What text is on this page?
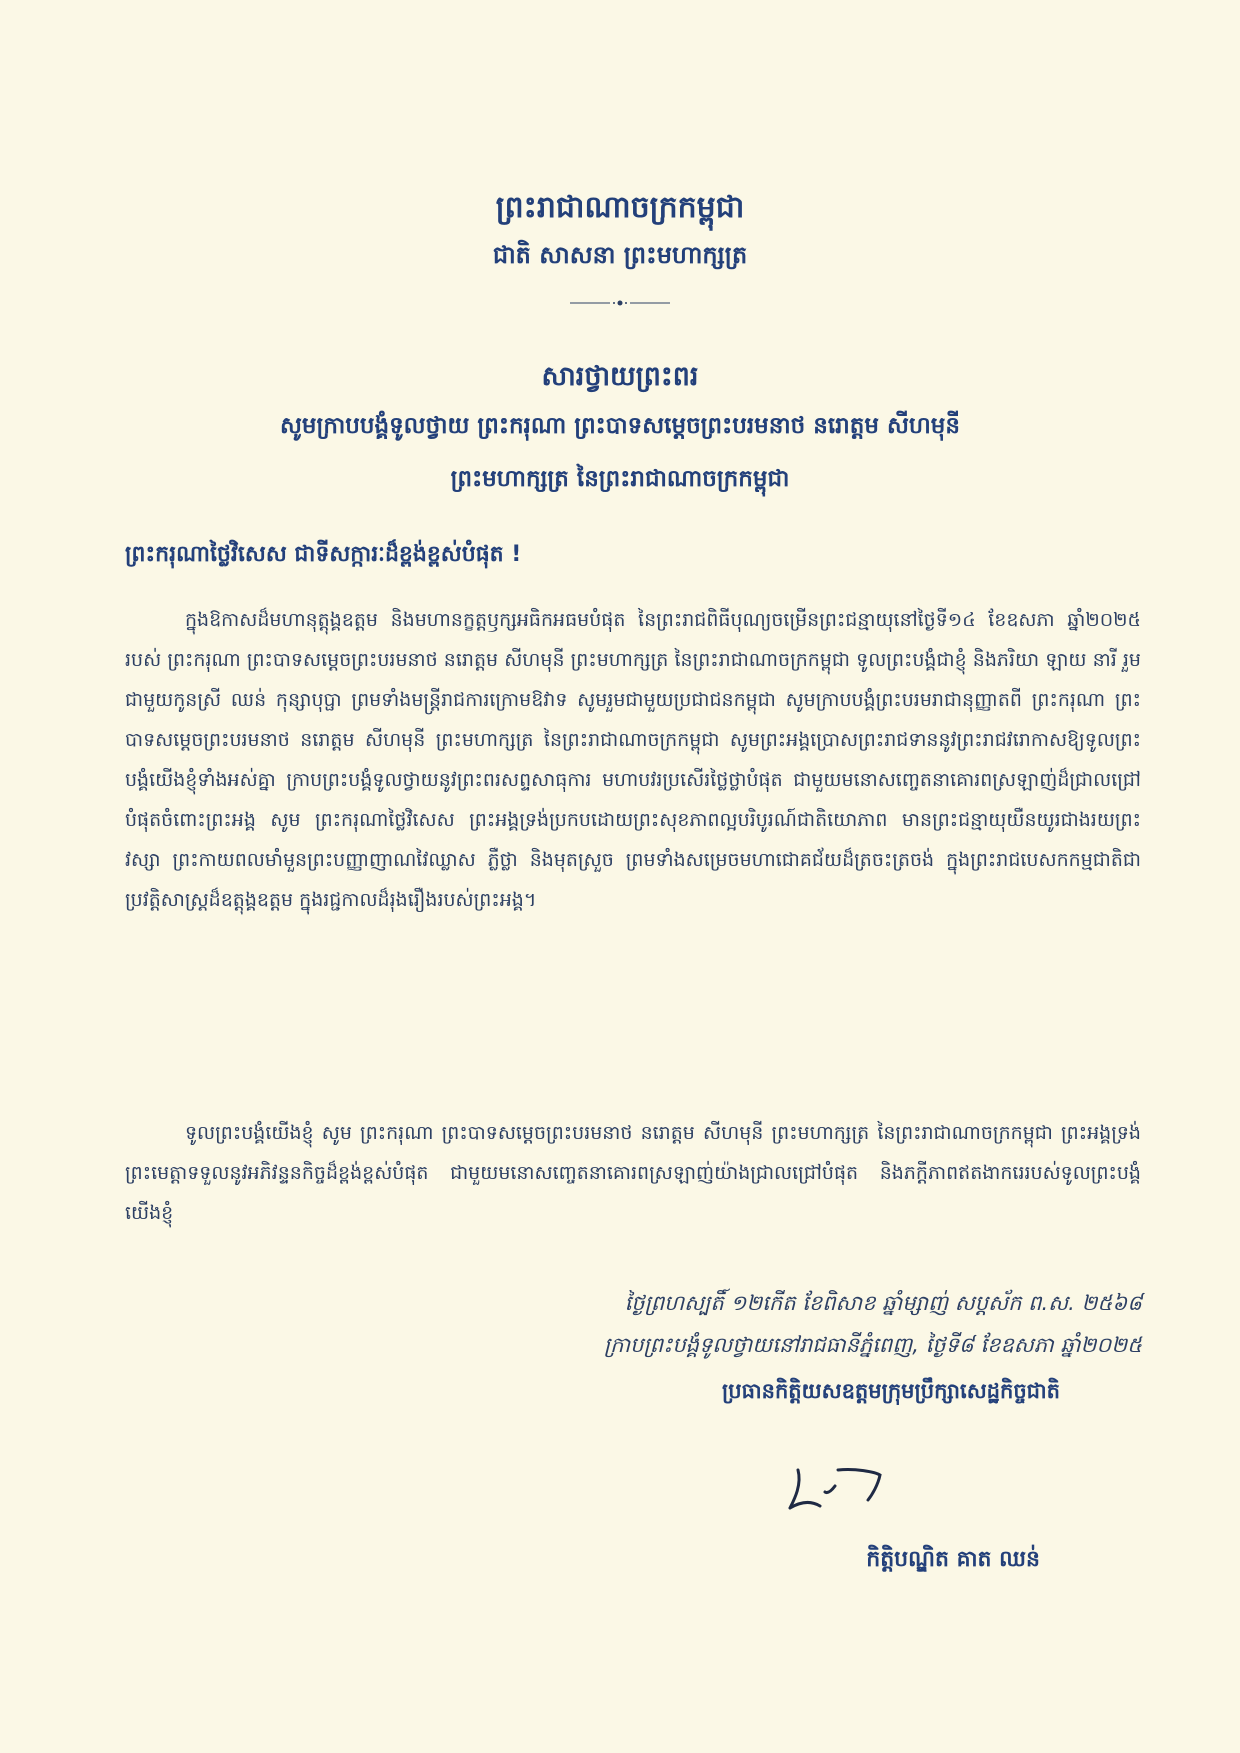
ព្រះរាជាណាចក្រកម្ពុជា
ជាតិ សាសនា ព្រះមហាក្សត្រ
សារថ្វាយព្រះពរ
សូមក្រាបបង្គំទូលថ្វាយ ព្រះករុណា ព្រះបាទសម្តេចព្រះបរមនាថ នរោត្តម សីហមុនី
ព្រះមហាក្សត្រ នៃព្រះរាជាណាចក្រកម្ពុជា
ព្រះករុណាថ្លៃវិសេស ជាទីសក្ការៈដ៏ខ្ពង់ខ្ពស់បំផុត !
ក្នុងឱកាសដ៏មហានុត្តុង្គឧត្តម និងមហានក្ខត្តឫក្សអធិកអធមបំផុត នៃព្រះរាជពិធីបុណ្យចម្រើនព្រះជន្មាយុនៅថ្ងៃទី១៤ ខែឧសភា ឆ្នាំ២០២៥ របស់ ព្រះករុណា ព្រះបាទសម្តេចព្រះបរមនាថ នរោត្តម សីហមុនី ព្រះមហាក្សត្រ នៃព្រះរាជាណាចក្រកម្ពុជា ទូលព្រះបង្គំជាខ្ញុំ និងភរិយា ឡាយ នារី រួមជាមួយកូនស្រី ឈន់ កុន្សាបុប្ផា ព្រមទាំងមន្ត្រីរាជការក្រោមឱវាទ សូមរួមជាមួយប្រជាជនកម្ពុជា សូមក្រាបបង្គំព្រះបរមរាជានុញ្ញាតពី ព្រះករុណា ព្រះបាទសម្តេចព្រះបរមនាថ នរោត្តម សីហមុនី ព្រះមហាក្សត្រ នៃព្រះរាជាណាចក្រកម្ពុជា សូមព្រះអង្គប្រោសព្រះរាជទាននូវព្រះរាជវរោកាសឱ្យទូលព្រះបង្គំយើងខ្ញុំទាំងអស់គ្នា ក្រាបព្រះបង្គំទូលថ្វាយនូវព្រះពរសព្ទសាធុការ មហាបវរប្រសើរថ្លៃថ្លាបំផុត ជាមួយមនោសញ្ចេតនាគោរពស្រឡាញ់ដ៏ជ្រាលជ្រៅបំផុតចំពោះព្រះអង្គ សូម ព្រះករុណាថ្លៃវិសេស ព្រះអង្គទ្រង់ប្រកបដោយព្រះសុខភាពល្អបរិបូរណ៍ជាតិយោភាព មានព្រះជន្មាយុយឺនយូរជាងរយព្រះវស្សា ព្រះកាយពលមាំមួនព្រះបញ្ញាញាណវៃឈ្លាស ភ្លឺថ្លា និងមុតស្រួច ព្រមទាំងសម្រេចមហាជោគជ័យដ៏ត្រចះត្រចង់ ក្នុងព្រះរាជបេសកកម្មជាតិជាប្រវត្តិសាស្ត្រដ៏ឧត្តុង្គឧត្តម ក្នុងរជ្ជកាលដ៏រុងរឿងរបស់ព្រះអង្គ។
ទូលព្រះបង្គំយើងខ្ញុំ សូម ព្រះករុណា ព្រះបាទសម្តេចព្រះបរមនាថ នរោត្តម សីហមុនី ព្រះមហាក្សត្រ នៃព្រះរាជាណាចក្រកម្ពុជា ព្រះអង្គទ្រង់ព្រះមេត្តាទទួលនូវអភិវន្ទនកិច្ចដ៏ខ្ពង់ខ្ពស់បំផុត ជាមួយមនោសញ្ចេតនាគោរពស្រឡាញ់យ៉ាងជ្រាលជ្រៅបំផុត និងភក្តីភាពឥតងាករេរបស់ទូលព្រះបង្គំយើងខ្ញុំ
ថ្ងៃព្រហស្បតិ៍ ១២កើត ខែពិសាខ ឆ្នាំម្សាញ់ សប្តស័ក ព.ស. ២៥៦៨
ក្រាបព្រះបង្គំទូលថ្វាយនៅរាជធានីភ្នំពេញ, ថ្ងៃទី៨ ខែឧសភា ឆ្នាំ២០២៥
ប្រធានកិត្តិយសឧត្តមក្រុមប្រឹក្សាសេដ្ឋកិច្ចជាតិ
កិត្តិបណ្ឌិត គាត ឈន់
